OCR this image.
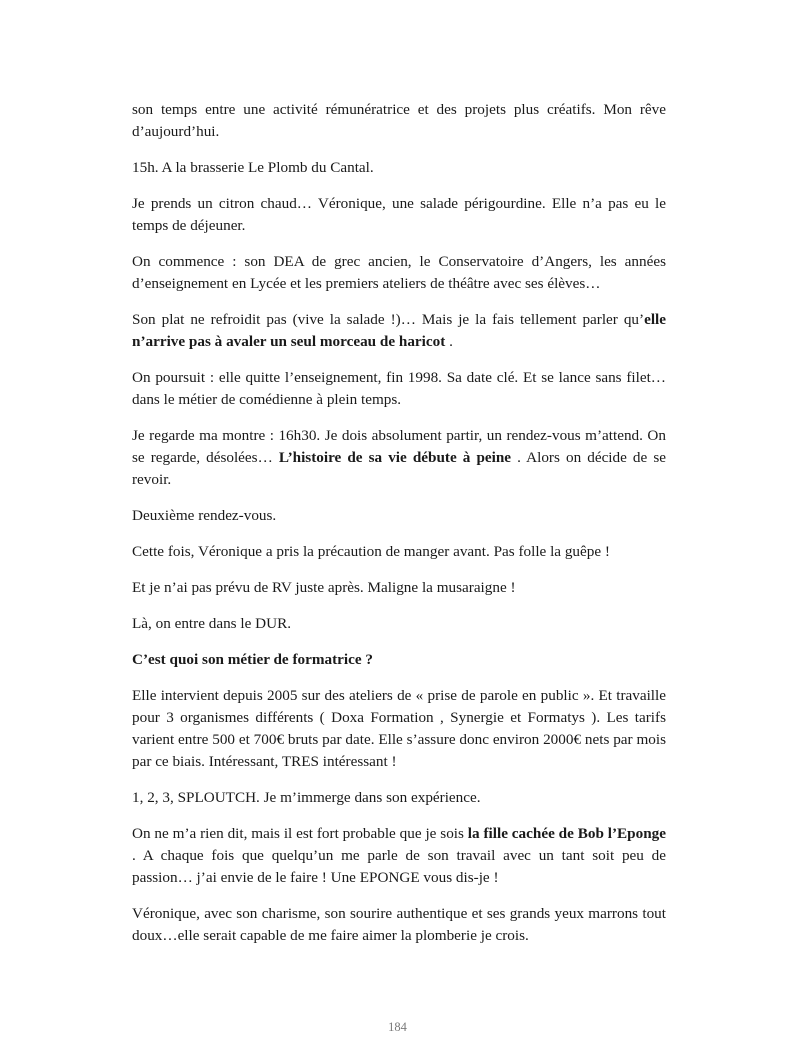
son temps entre une activité rémunératrice et des projets plus créatifs. Mon rêve d’aujourd’hui.

15h. A la brasserie Le Plomb du Cantal.

Je prends un citron chaud… Véronique, une salade périgourdine. Elle n’a pas eu le temps de déjeuner.

On commence : son DEA de grec ancien, le Conservatoire d’Angers, les années d’enseignement en Lycée et les premiers ateliers de théâtre avec ses élèves…

Son plat ne refroidit pas (vive la salade !)… Mais je la fais tellement parler qu’elle n’arrive pas à avaler un seul morceau de haricot .

On poursuit : elle quitte l’enseignement, fin 1998. Sa date clé. Et se lance sans filet…dans le métier de comédienne à plein temps.

Je regarde ma montre : 16h30. Je dois absolument partir, un rendez-vous m’attend. On se regarde, désolées… L’histoire de sa vie débute à peine . Alors on décide de se revoir.

Deuxième rendez-vous.

Cette fois, Véronique a pris la précaution de manger avant. Pas folle la guêpe !

Et je n’ai pas prévu de RV juste après. Maligne la musaraigne !

Là, on entre dans le DUR.

C’est quoi son métier de formatrice ?

Elle intervient depuis 2005 sur des ateliers de « prise de parole en public ». Et travaille pour 3 organismes différents ( Doxa Formation , Synergie et Formatys ). Les tarifs varient entre 500 et 700€ bruts par date. Elle s’assure donc environ 2000€ nets par mois par ce biais. Intéressant, TRES intéressant !

1, 2, 3, SPLOUTCH. Je m’immerge dans son expérience.

On ne m’a rien dit, mais il est fort probable que je sois la fille cachée de Bob l’Eponge . A chaque fois que quelqu’un me parle de son travail avec un tant soit peu de passion… j’ai envie de le faire ! Une EPONGE vous dis-je !

Véronique, avec son charisme, son sourire authentique et ses grands yeux marrons tout doux…elle serait capable de me faire aimer la plomberie je crois.

184
